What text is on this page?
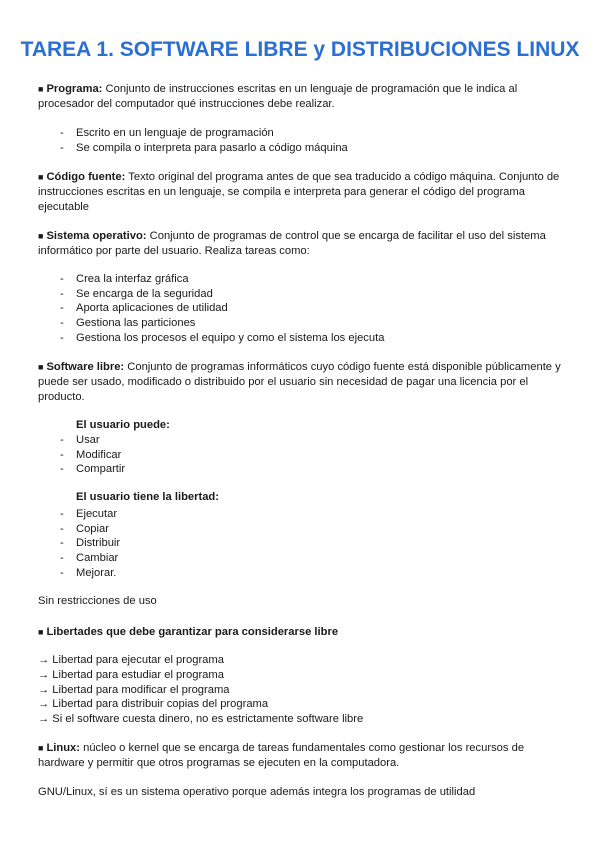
TAREA 1. SOFTWARE LIBRE y DISTRIBUCIONES LINUX
■ Programa: Conjunto de instrucciones escritas en un lenguaje de programación que le indica al procesador del computador qué instrucciones debe realizar.
- Escrito en un lenguaje de programación
- Se compila o interpreta para pasarlo a código máquina
■ Código fuente: Texto original del programa antes de que sea traducido a código máquina. Conjunto de instrucciones escritas en un lenguaje, se compila e interpreta para generar el código del programa ejecutable
■ Sistema operativo: Conjunto de programas de control que se encarga de facilitar el uso del sistema informático por parte del usuario. Realiza tareas como:
- Crea la interfaz gráfica
- Se encarga de la seguridad
- Aporta aplicaciones de utilidad
- Gestiona las particiones
- Gestiona los procesos el equipo y como el sistema los ejecuta
■ Software libre: Conjunto de programas informáticos cuyo código fuente está disponible públicamente y puede ser usado, modificado o distribuido por el usuario sin necesidad de pagar una licencia por el producto.
El usuario puede:
- Usar
- Modificar
- Compartir
El usuario tiene la libertad:
- Ejecutar
- Copiar
- Distribuir
- Cambiar
- Mejorar.
Sin restricciones de uso
■ Libertades que debe garantizar para considerarse libre
→ Libertad para ejecutar el programa
→ Libertad para estudiar el programa
→ Libertad para modificar el programa
→ Libertad para distribuir copias del programa
→ Si el software cuesta dinero, no es estrictamente software libre
■ Linux: núcleo o kernel que se encarga de tareas fundamentales como gestionar los recursos de hardware y permitir que otros programas se ejecuten en la computadora.
GNU/Linux, sí es un sistema operativo porque además integra los programas de utilidad
